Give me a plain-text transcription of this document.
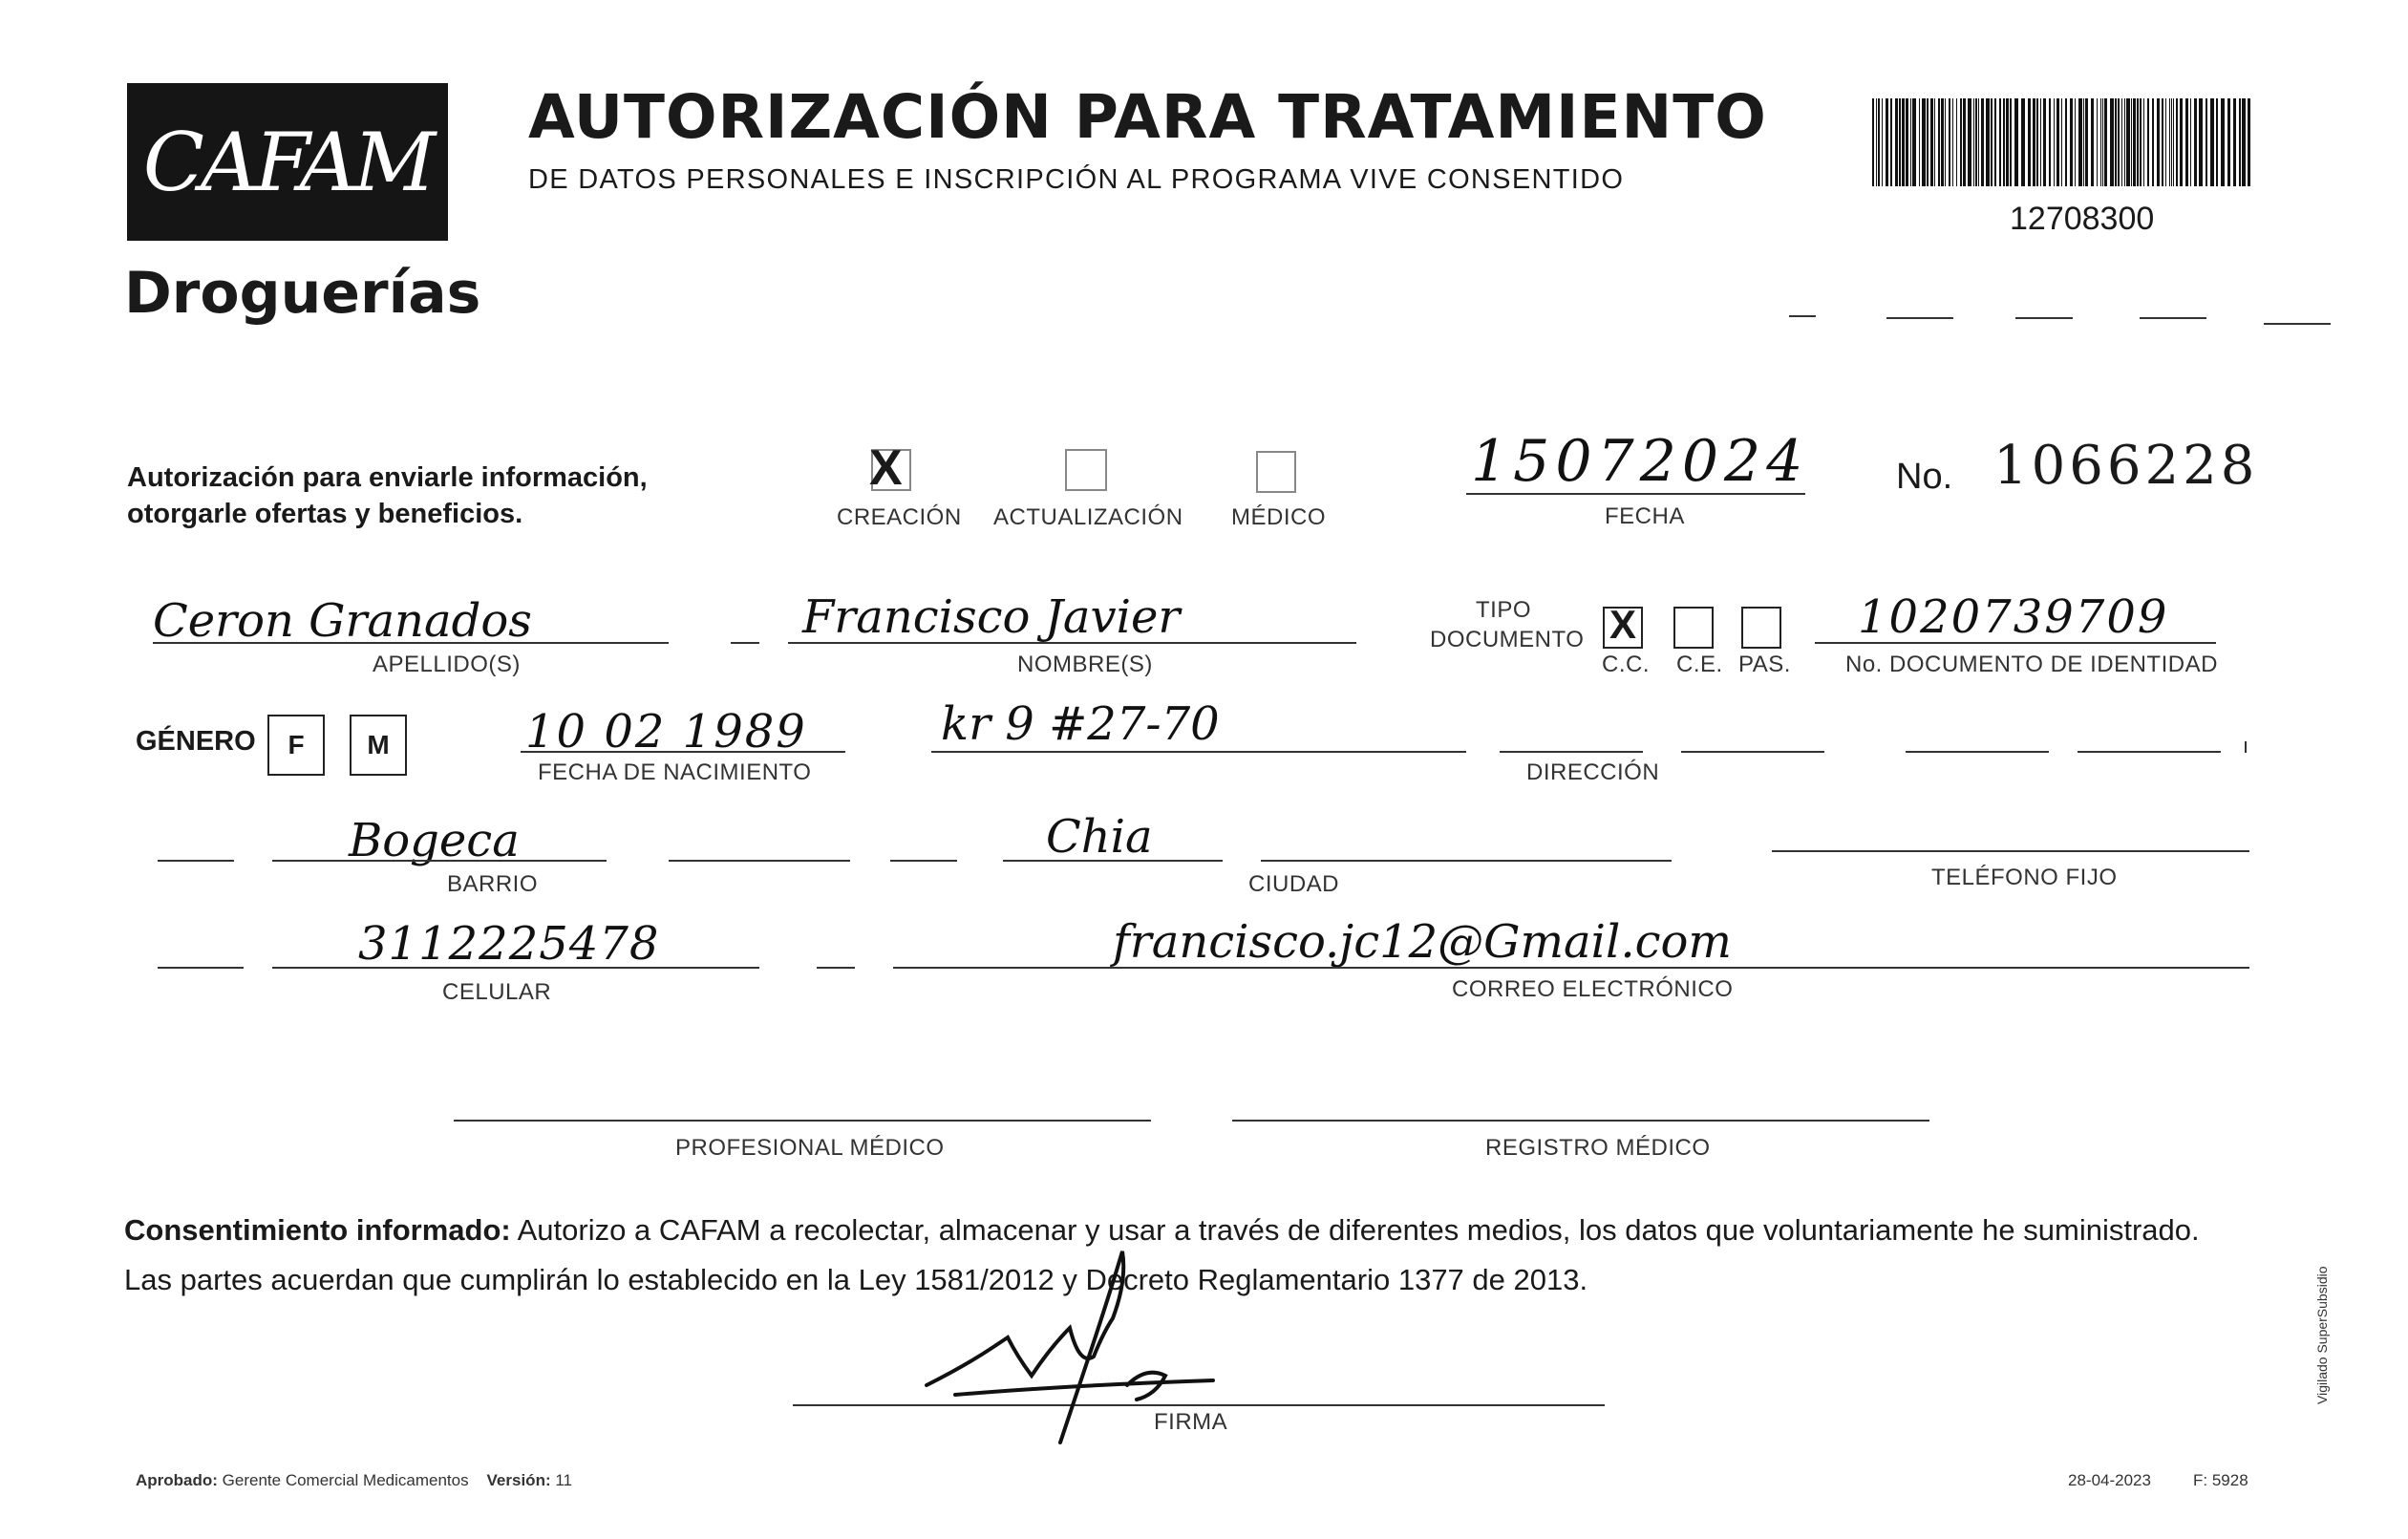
CAFAM
Droguerías
AUTORIZACIÓN PARA TRATAMIENTO
DE DATOS PERSONALES E INSCRIPCIÓN AL PROGRAMA VIVE CONSENTIDO
12708300
Autorización para enviarle información,
otorgarle ofertas y beneficios.
X
CREACIÓN ACTUALIZACIÓN MÉDICO
15072024
FECHA
No. 1066228
Ceron Granados
APELLIDO(S)
Francisco Javier
NOMBRE(S)
TIPO
DOCUMENTO X
C.C. C.E. PAS.
1020739709
No. DOCUMENTO DE IDENTIDAD
GÉNERO	F	M	10 02 1989
FECHA DE NACIMIENTO
kr 9 #27-70
DIRECCIÓN
Bogeca
BARRIO
Chia
CIUDAD	TELÉFONO FIJO
3112225478
CELULAR
francisco.jc12@Gmail.com
CORREO ELECTRÓNICO
PROFESIONAL MÉDICO	REGISTRO MÉDICO
Consentimiento informado: Autorizo a CAFAM a recolectar, almacenar y usar a través de diferentes medios, los datos que voluntariamente he suministrado.
Las partes acuerdan que cumplirán lo establecido en la Ley 1581/2012 y Decreto Reglamentario 1377 de 2013.
FIRMA
Aprobado: Gerente Comercial Medicamentos Versión: 11	28-04-2023	F: 5928
Vigilado SuperSubsidio
